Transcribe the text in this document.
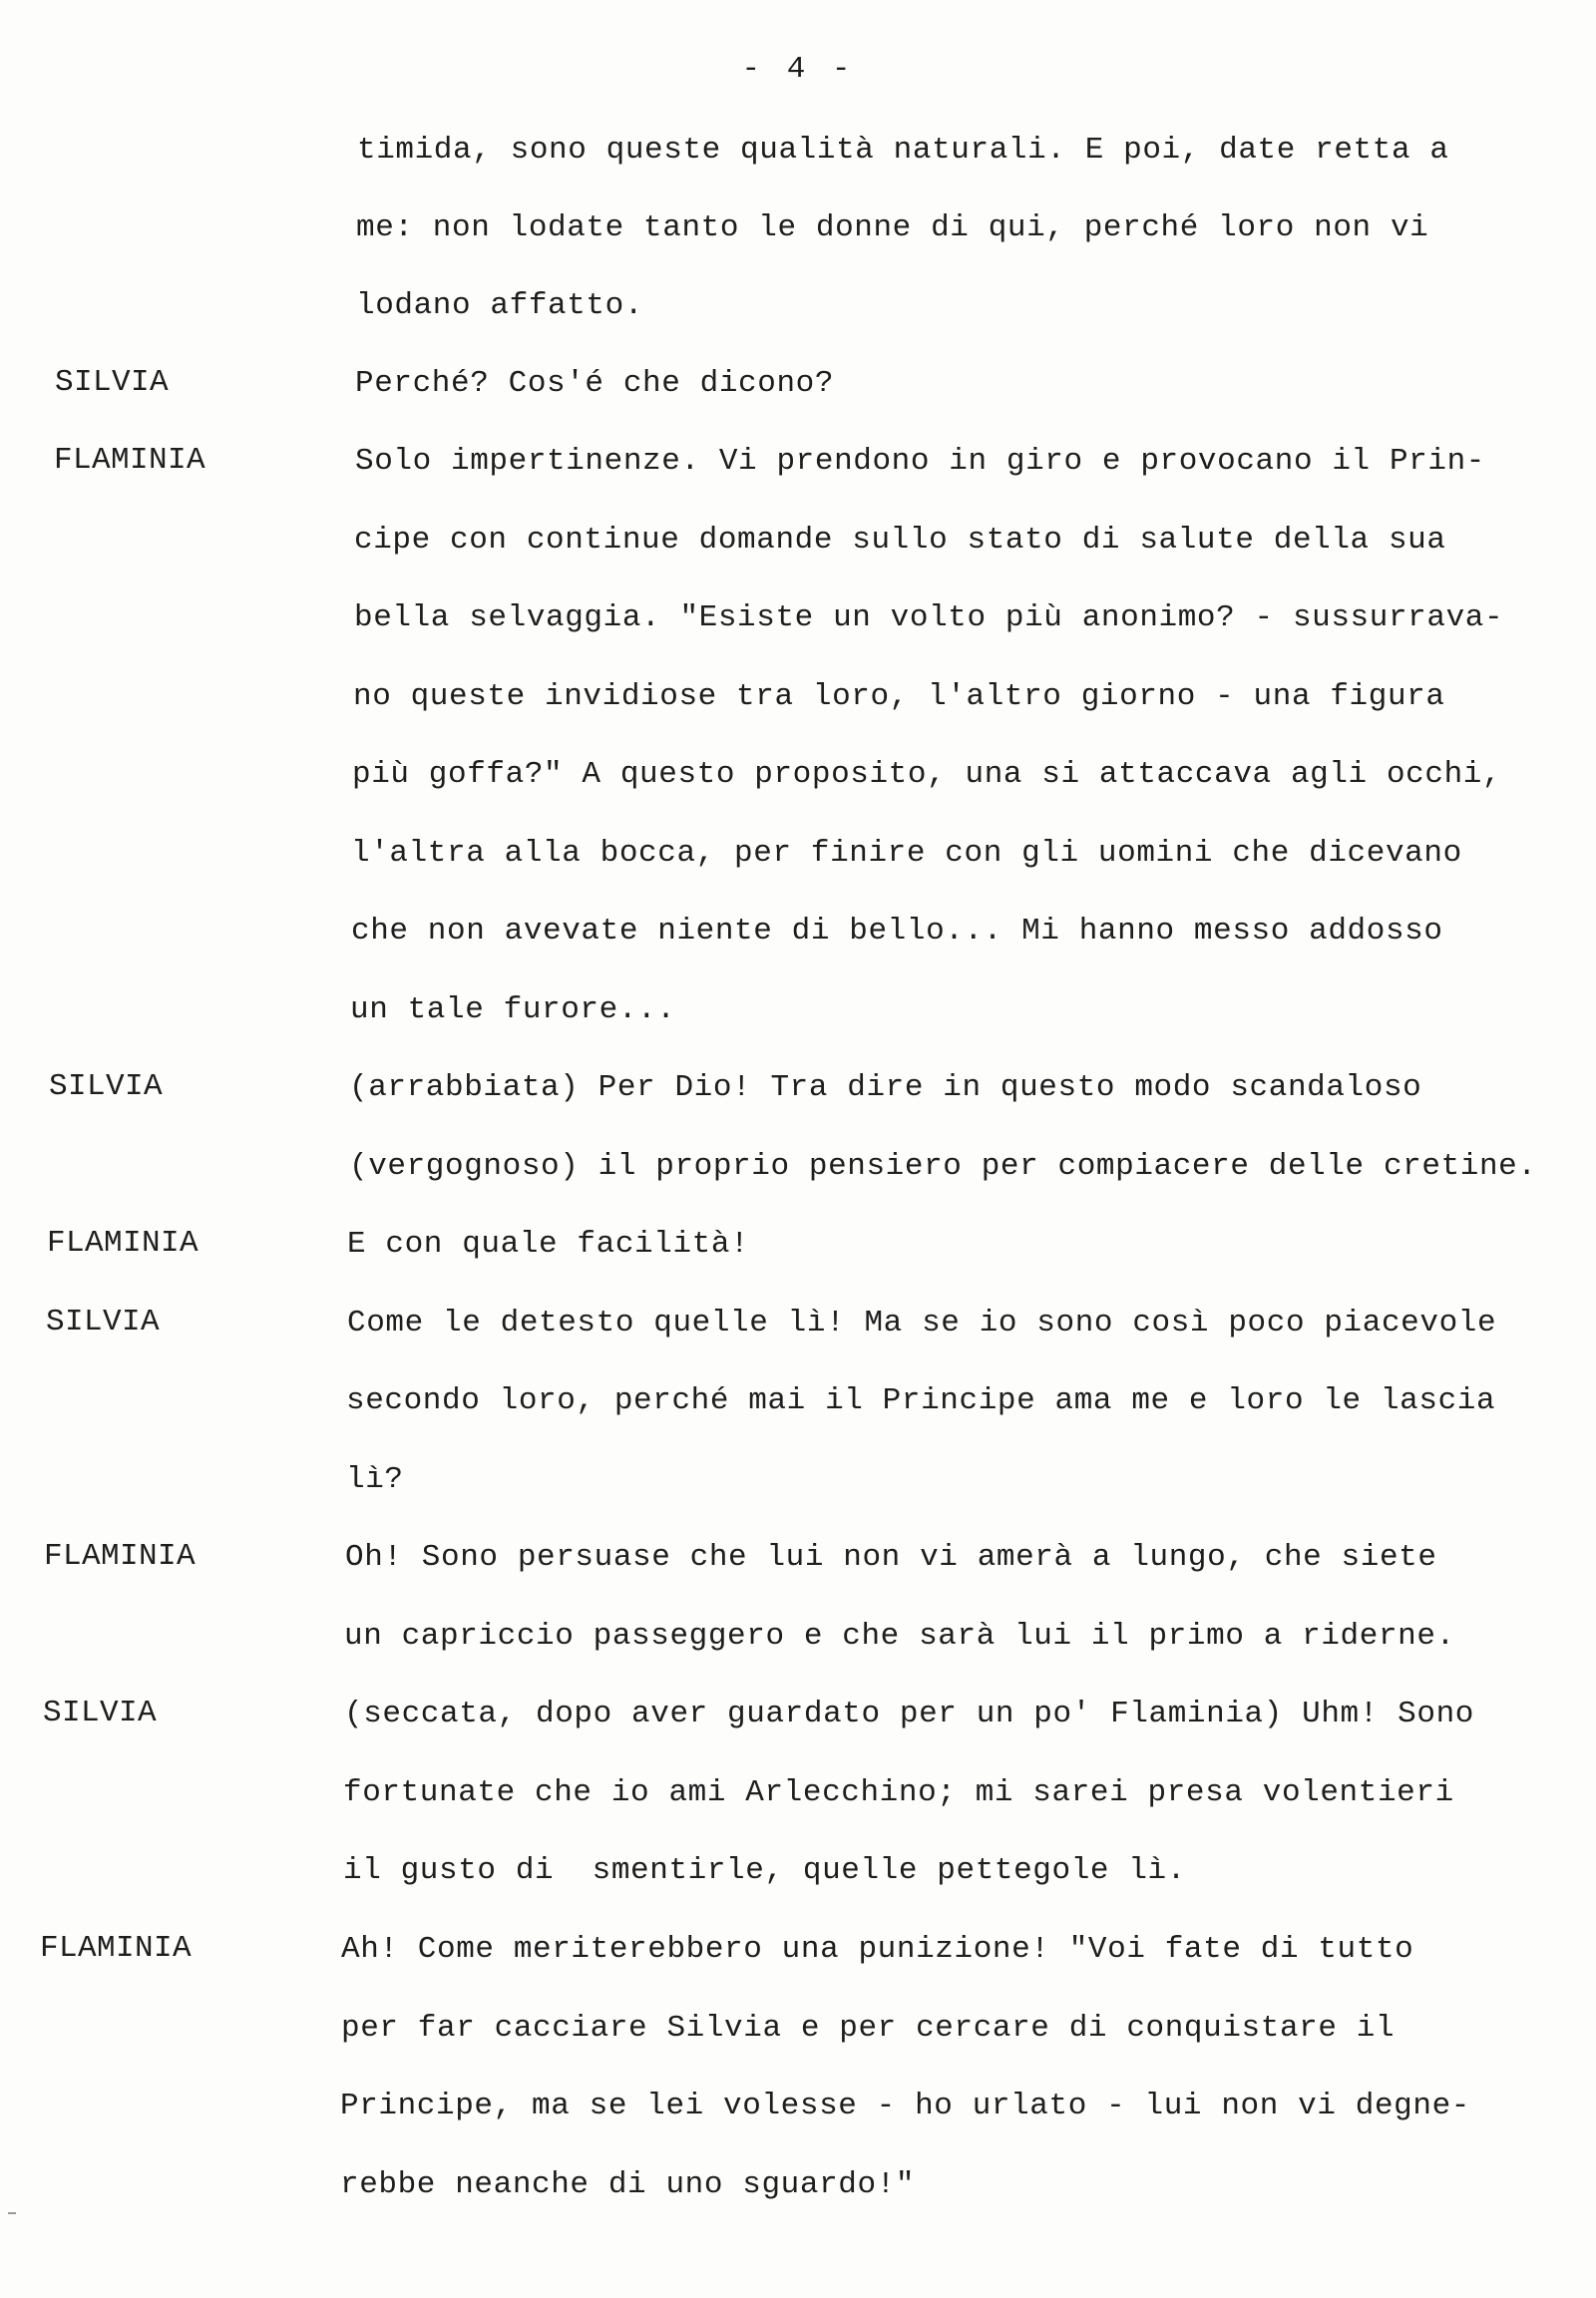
- 4 -
timida, sono queste qualità naturali. E poi, date retta a
me: non lodate tanto le donne di qui, perché loro non vi
lodano affatto.
SILVIA	Perché? Cos'é che dicono?
FLAMINIA	Solo impertinenze. Vi prendono in giro e provocano il Prin-
cipe con continue domande sullo stato di salute della sua
bella selvaggia. "Esiste un volto più anonimo? - sussurrava-
no queste invidiose tra loro, l'altro giorno - una figura
più goffa?" A questo proposito, una si attaccava agli occhi,
l'altra alla bocca, per finire con gli uomini che dicevano
che non avevate niente di bello... Mi hanno messo addosso
un tale furore...
SILVIA	(arrabbiata) Per Dio! Tra dire in questo modo scandaloso
(vergognoso) il proprio pensiero per compiacere delle cretine.
FLAMINIA	E con quale facilità!
SILVIA	Come le detesto quelle lì! Ma se io sono così poco piacevole
secondo loro, perché mai il Principe ama me e loro le lascia
lì?
FLAMINIA	Oh! Sono persuase che lui non vi amerà a lungo, che siete
un capriccio passeggero e che sarà lui il primo a riderne.
SILVIA	(seccata, dopo aver guardato per un po' Flaminia) Uhm! Sono
fortunate che io ami Arlecchino; mi sarei presa volentieri
il gusto di  smentirle, quelle pettegole lì.
FLAMINIA	Ah! Come meriterebbero una punizione! "Voi fate di tutto
per far cacciare Silvia e per cercare di conquistare il
Principe, ma se lei volesse - ho urlato - lui non vi degne-
rebbe neanche di uno sguardo!"
